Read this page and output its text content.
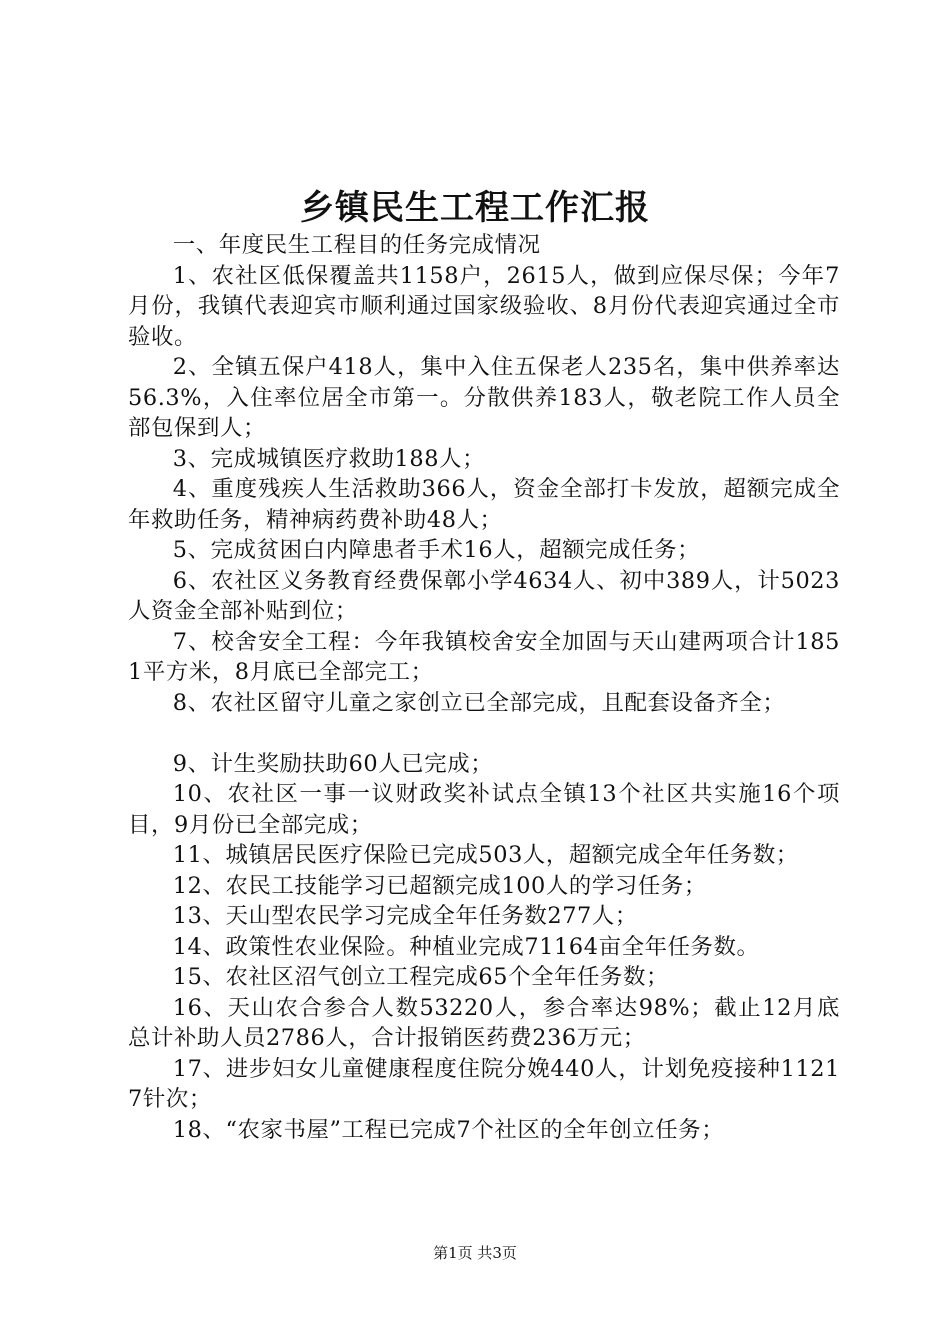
乡镇民生工程工作汇报

一、年度民生工程目的任务完成情况

1、农社区低保覆盖共1158户，2615人，做到应保尽保；今年7月份，我镇代表迎宾市顺利通过国家级验收、8月份代表迎宾通过全市验收。

2、全镇五保户418人，集中入住五保老人235名，集中供养率达56.3%，入住率位居全市第一。分散供养183人，敬老院工作人员全部包保到人；

3、完成城镇医疗救助188人；

4、重度残疾人生活救助366人，资金全部打卡发放，超额完成全年救助任务，精神病药费补助48人；

5、完成贫困白内障患者手术16人，超额完成任务；

6、农社区义务教育经费保鄣小学4634人、初中389人，计5023人资金全部补贴到位；

7、校舍安全工程：今年我镇校舍安全加固与天山建两项合计1851平方米，8月底已全部完工；

8、农社区留守儿童之家创立已全部完成，且配套设备齐全；

9、计生奖励扶助60人已完成；

10、农社区一事一议财政奖补试点全镇13个社区共实施16个项目，9月份已全部完成；

11、城镇居民医疗保险已完成503人，超额完成全年任务数；

12、农民工技能学习已超额完成100人的学习任务；

13、天山型农民学习完成全年任务数277人；

14、政策性农业保险。种植业完成71164亩全年任务数。

15、农社区沼气创立工程完成65个全年任务数；

16、天山农合参合人数53220人，参合率达98%；截止12月底总计补助人员2786人，合计报销医药费236万元；

17、进步妇女儿童健康程度住院分娩440人，计划免疫接种11217针次；

18、“农家书屋”工程已完成7个社区的全年创立任务；

第1页 共3页
